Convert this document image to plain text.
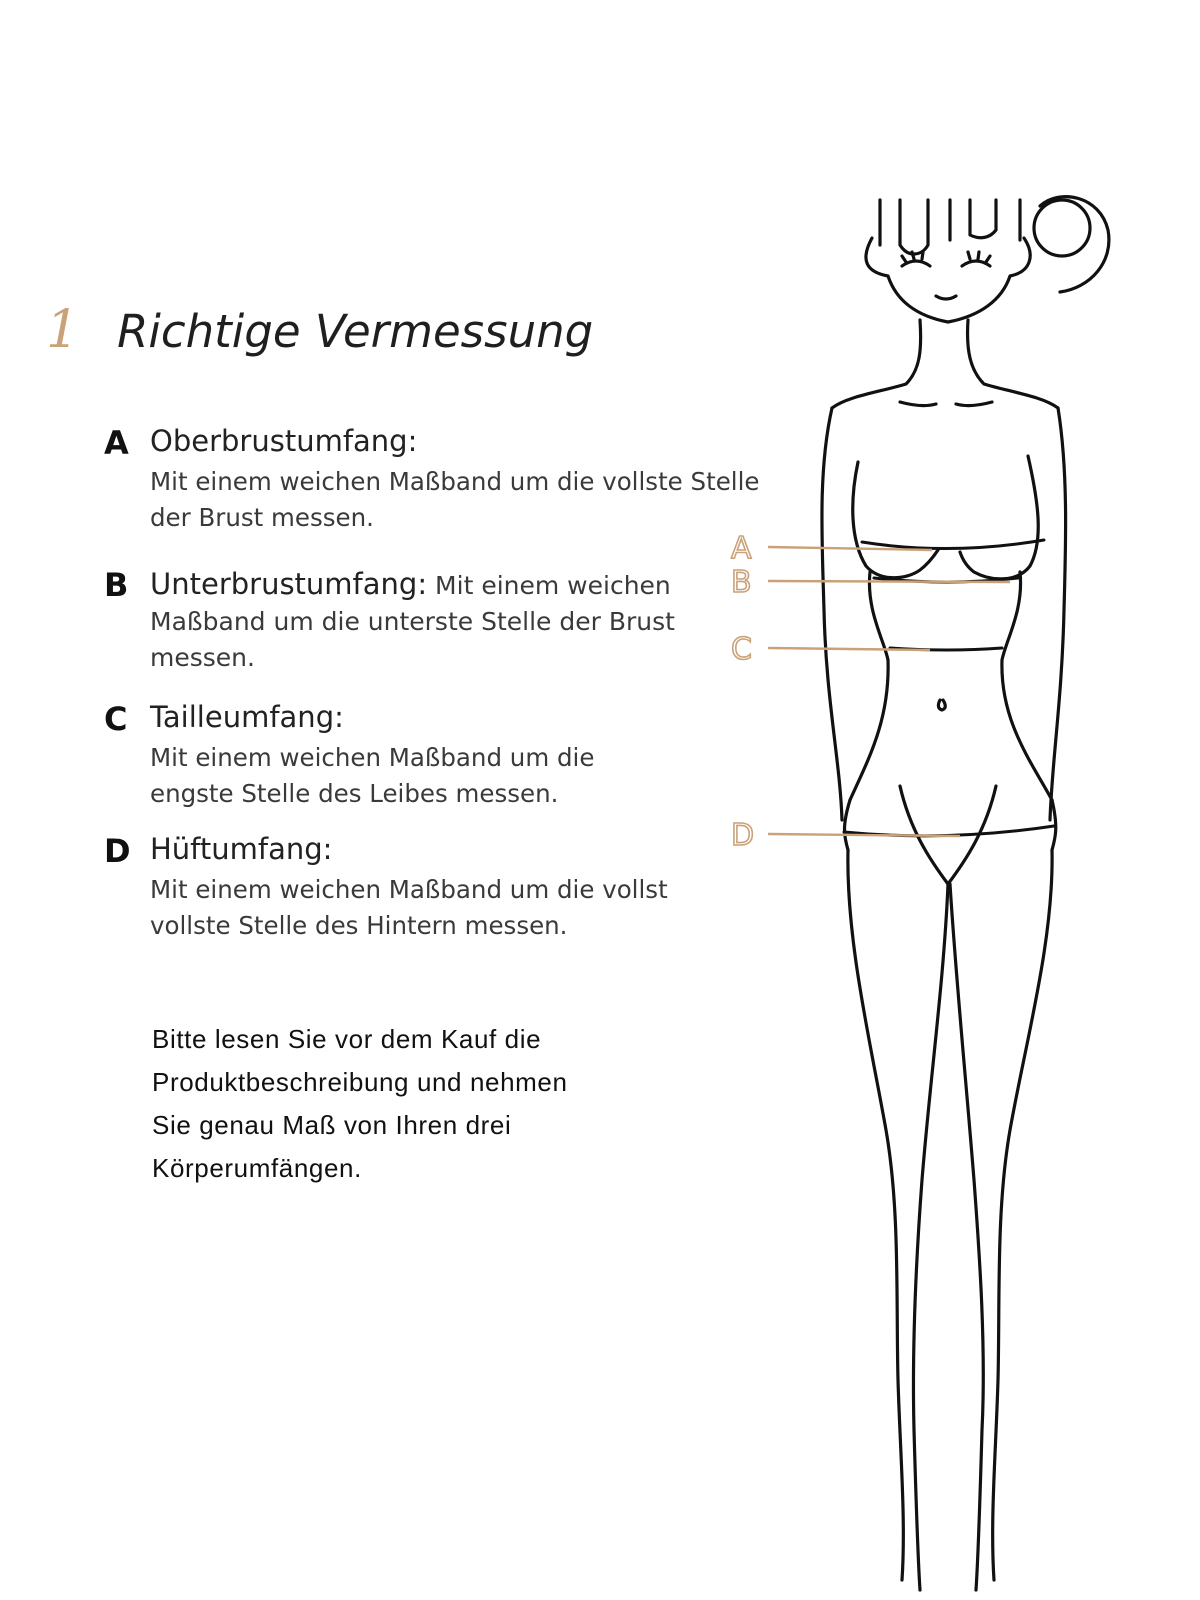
1 Richtige Vermessung
A Oberbrustumfang:
Mit einem weichen Maßband um die vollste Stelle
der Brust messen.
B Unterbrustumfang: Mit einem weichen Maßband um die unterste Stelle der Brust messen.
C Tailleumfang:
Mit einem weichen Maßband um die
engste Stelle des Leibes messen.
D Hüftumfang:
Mit einem weichen Maßband um die vollst
vollste Stelle des Hintern messen.
Bitte lesen Sie vor dem Kauf die
Produktbeschreibung und nehmen
Sie genau Maß von Ihren drei
Körperumfängen.
A
B
C
D
